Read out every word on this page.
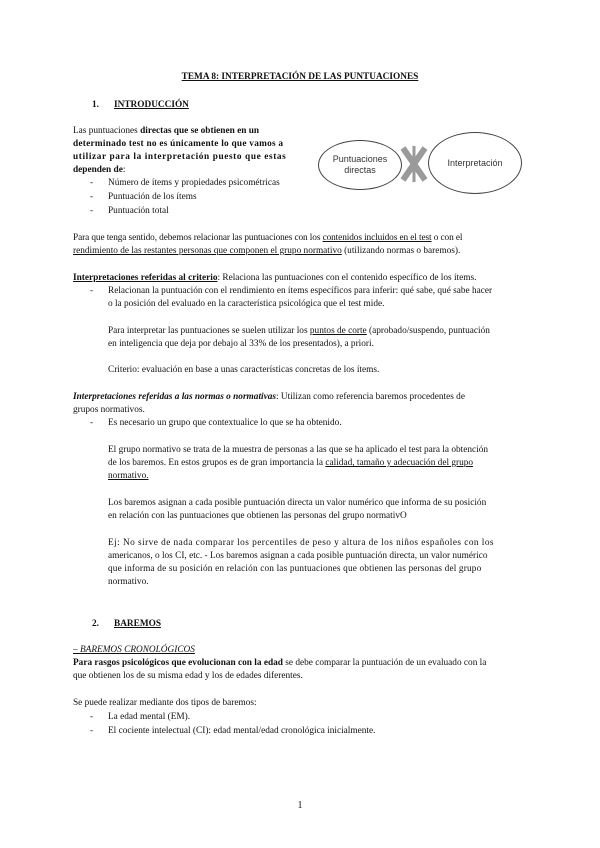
TEMA 8: INTERPRETACIÓN DE LAS PUNTUACIONES
1. INTRODUCCIÓN
Las puntuaciones directas que se obtienen en un
determinado test no es únicamente lo que vamos a
utilizar para la interpretación puesto que estas
dependen de:
- Número de ítems y propiedades psicométricas
- Puntuación de los ítems
- Puntuación total
Puntuaciones directas
Interpretación
Para que tenga sentido, debemos relacionar las puntuaciones con los contenidos incluidos en el test o con el
rendimiento de las restantes personas que componen el grupo normativo (utilizando normas o baremos).
Interpretaciones referidas al criterio: Relaciona las puntuaciones con el contenido específico de los ítems.
- Relacionan la puntuación con el rendimiento en ítems específicos para inferir: qué sabe, qué sabe hacer
o la posición del evaluado en la característica psicológica que el test mide.
Para interpretar las puntuaciones se suelen utilizar los puntos de corte (aprobado/suspendo, puntuación
en inteligencia que deja por debajo al 33% de los presentados), a priori.
Criterio: evaluación en base a unas características concretas de los ítems.
Interpretaciones referidas a las normas o normativas: Utilizan como referencia baremos procedentes de
grupos normativos.
- Es necesario un grupo que contextualice lo que se ha obtenido.
El grupo normativo se trata de la muestra de personas a las que se ha aplicado el test para la obtención
de los baremos. En estos grupos es de gran importancia la calidad, tamaño y adecuación del grupo
normativo.
Los baremos asignan a cada posible puntuación directa un valor numérico que informa de su posición
en relación con las puntuaciones que obtienen las personas del grupo normativO
Ej: No sirve de nada comparar los percentiles de peso y altura de los niños españoles con los
americanos, o los CI, etc. - Los baremos asignan a cada posible puntuación directa, un valor numérico
que informa de su posición en relación con las puntuaciones que obtienen las personas del grupo
normativo.
2. BAREMOS
– BAREMOS CRONOLÓGICOS
Para rasgos psicológicos que evolucionan con la edad se debe comparar la puntuación de un evaluado con la
que obtienen los de su misma edad y los de edades diferentes.
Se puede realizar mediante dos tipos de baremos:
- La edad mental (EM).
- El cociente intelectual (CI): edad mental/edad cronológica inicialmente.
1
